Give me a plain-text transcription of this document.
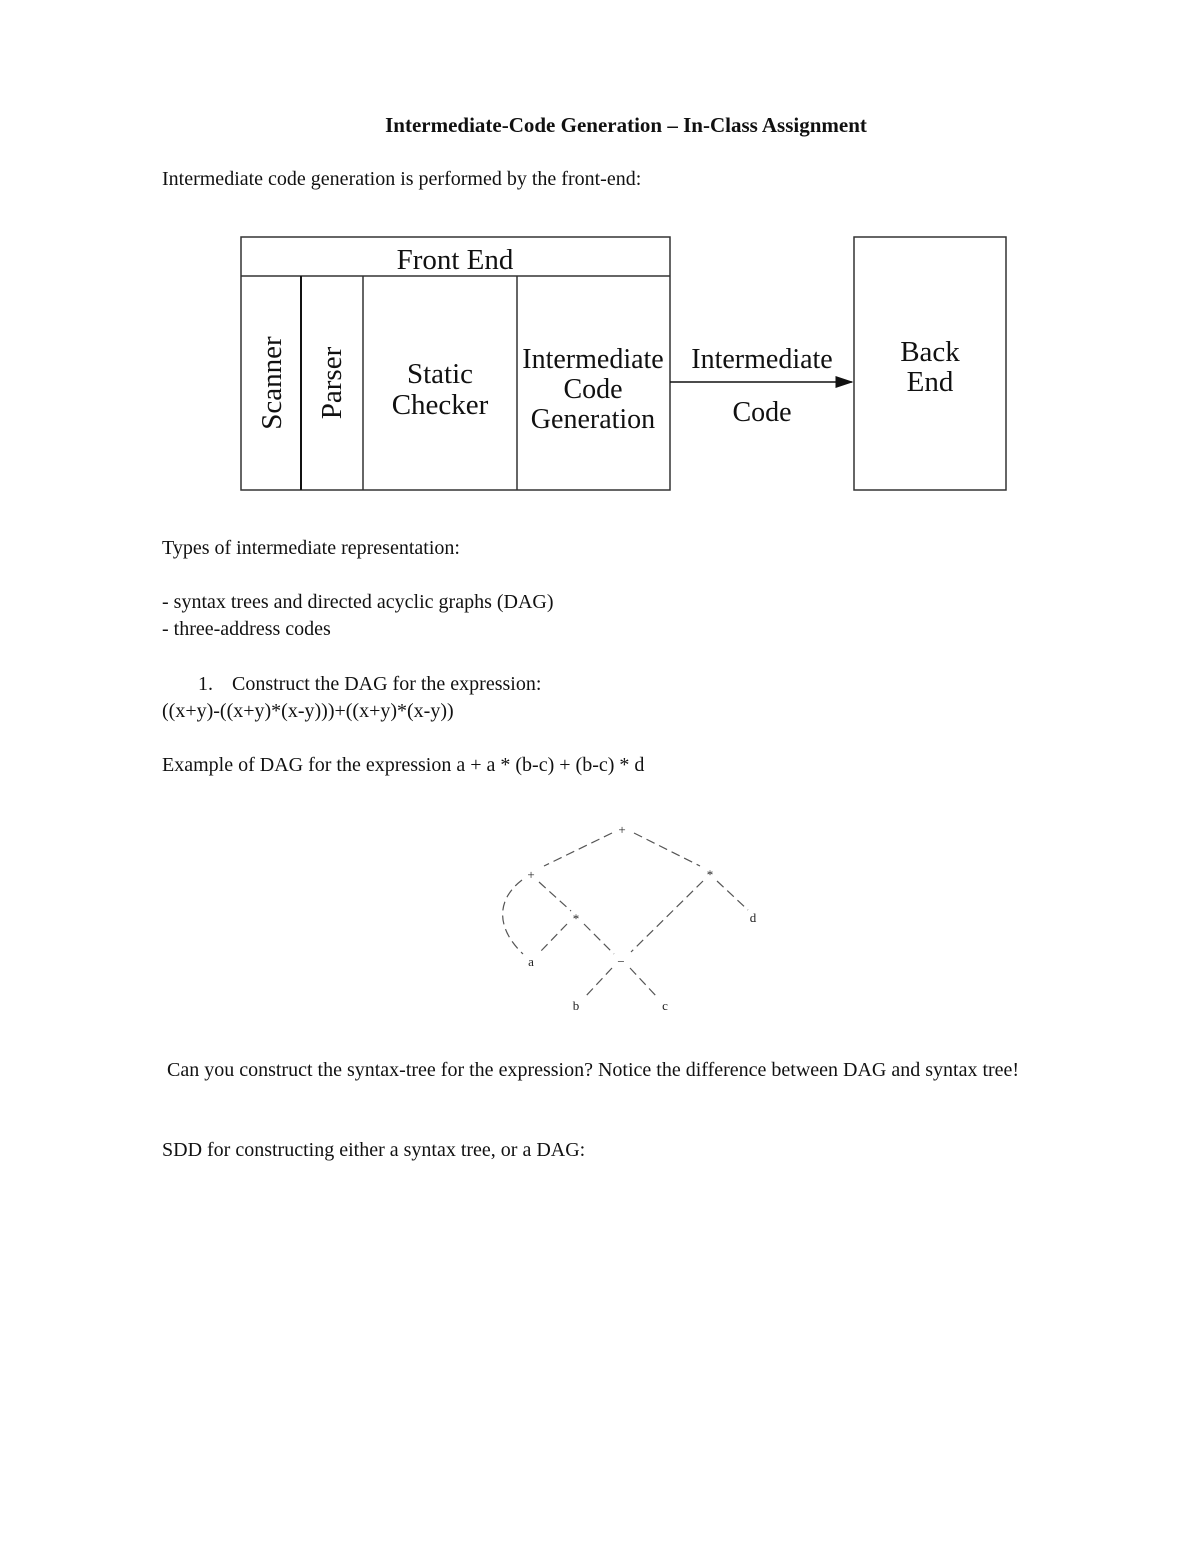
Intermediate-Code Generation – In-Class Assignment
Intermediate code generation is performed by the front-end:
Front End
Scanner Parser Static
Checker
Intermediate
Code
Generation
Intermediate
Code
Back
End
Types of intermediate representation:
- syntax trees and directed acyclic graphs (DAG)
- three-address codes
1. Construct the DAG for the expression:
((x+y)-((x+y)*(x-y)))+((x+y)*(x-y))
Example of DAG for the expression a + a * (b-c) + (b-c) * d
+
+	*
*	d
a	−
b	c
Can you construct the syntax-tree for the expression? Notice the difference between DAG and syntax tree!
SDD for constructing either a syntax tree, or a DAG:
